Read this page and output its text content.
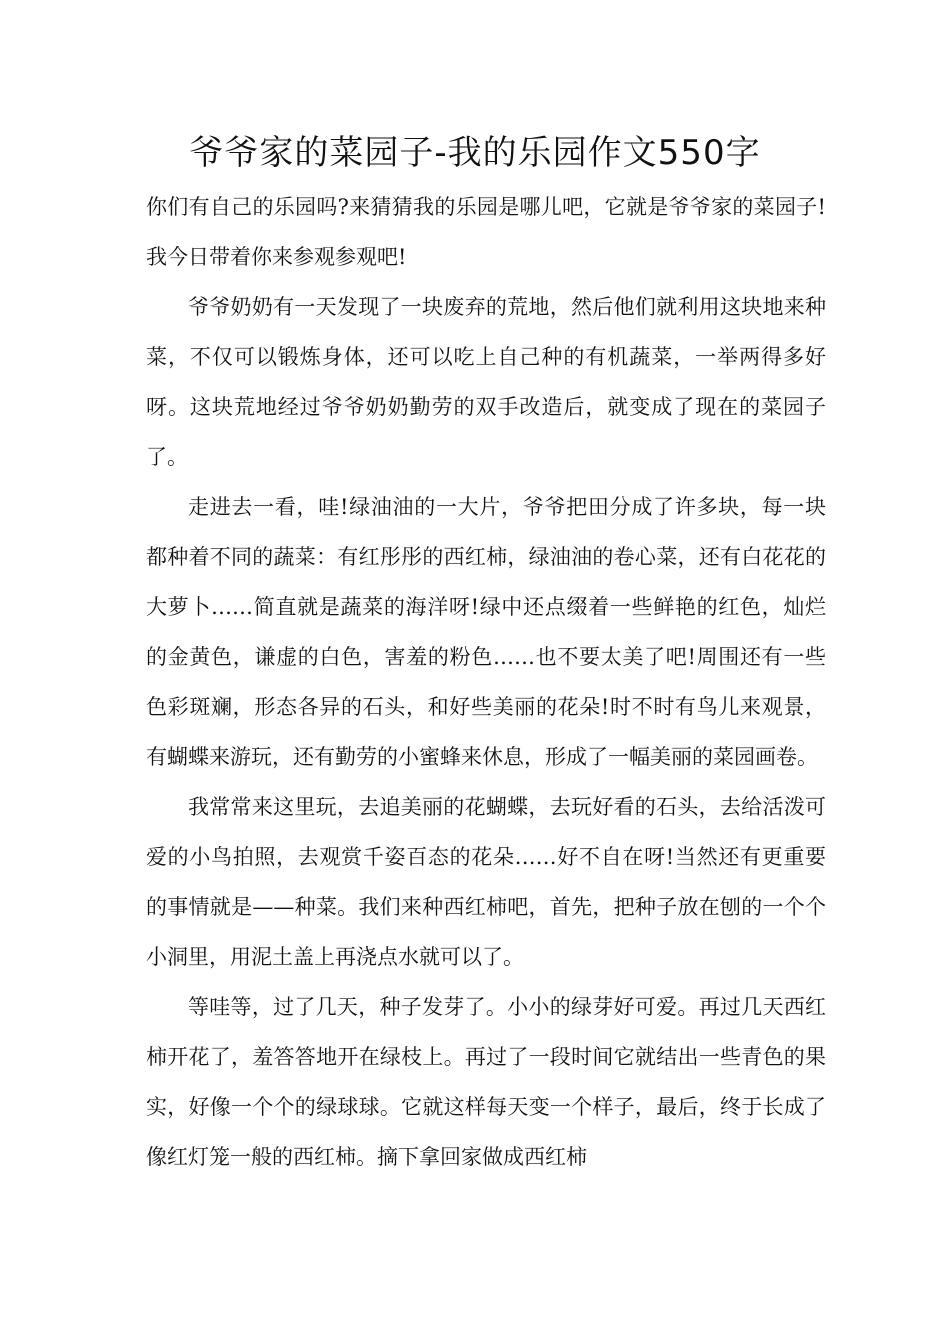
爷爷家的菜园子-我的乐园作文550字

你们有自己的乐园吗?来猜猜我的乐园是哪儿吧，它就是爷爷家的菜园子!我今日带着你来参观参观吧!

爷爷奶奶有一天发现了一块废弃的荒地，然后他们就利用这块地来种菜，不仅可以锻炼身体，还可以吃上自己种的有机蔬菜，一举两得多好呀。这块荒地经过爷爷奶奶勤劳的双手改造后，就变成了现在的菜园子了。

走进去一看，哇!绿油油的一大片，爷爷把田分成了许多块，每一块都种着不同的蔬菜：有红彤彤的西红柿，绿油油的卷心菜，还有白花花的大萝卜……简直就是蔬菜的海洋呀!绿中还点缀着一些鲜艳的红色，灿烂的金黄色，谦虚的白色，害羞的粉色……也不要太美了吧!周围还有一些色彩斑斓，形态各异的石头，和好些美丽的花朵!时不时有鸟儿来观景，有蝴蝶来游玩，还有勤劳的小蜜蜂来休息，形成了一幅美丽的菜园画卷。

我常常来这里玩，去追美丽的花蝴蝶，去玩好看的石头，去给活泼可爱的小鸟拍照，去观赏千姿百态的花朵……好不自在呀!当然还有更重要的事情就是——种菜。我们来种西红柿吧，首先，把种子放在刨的一个个小洞里，用泥土盖上再浇点水就可以了。

等哇等，过了几天，种子发芽了。小小的绿芽好可爱。再过几天西红柿开花了，羞答答地开在绿枝上。再过了一段时间它就结出一些青色的果实，好像一个个的绿球球。它就这样每天变一个样子，最后，终于长成了像红灯笼一般的西红柿。摘下拿回家做成西红柿
